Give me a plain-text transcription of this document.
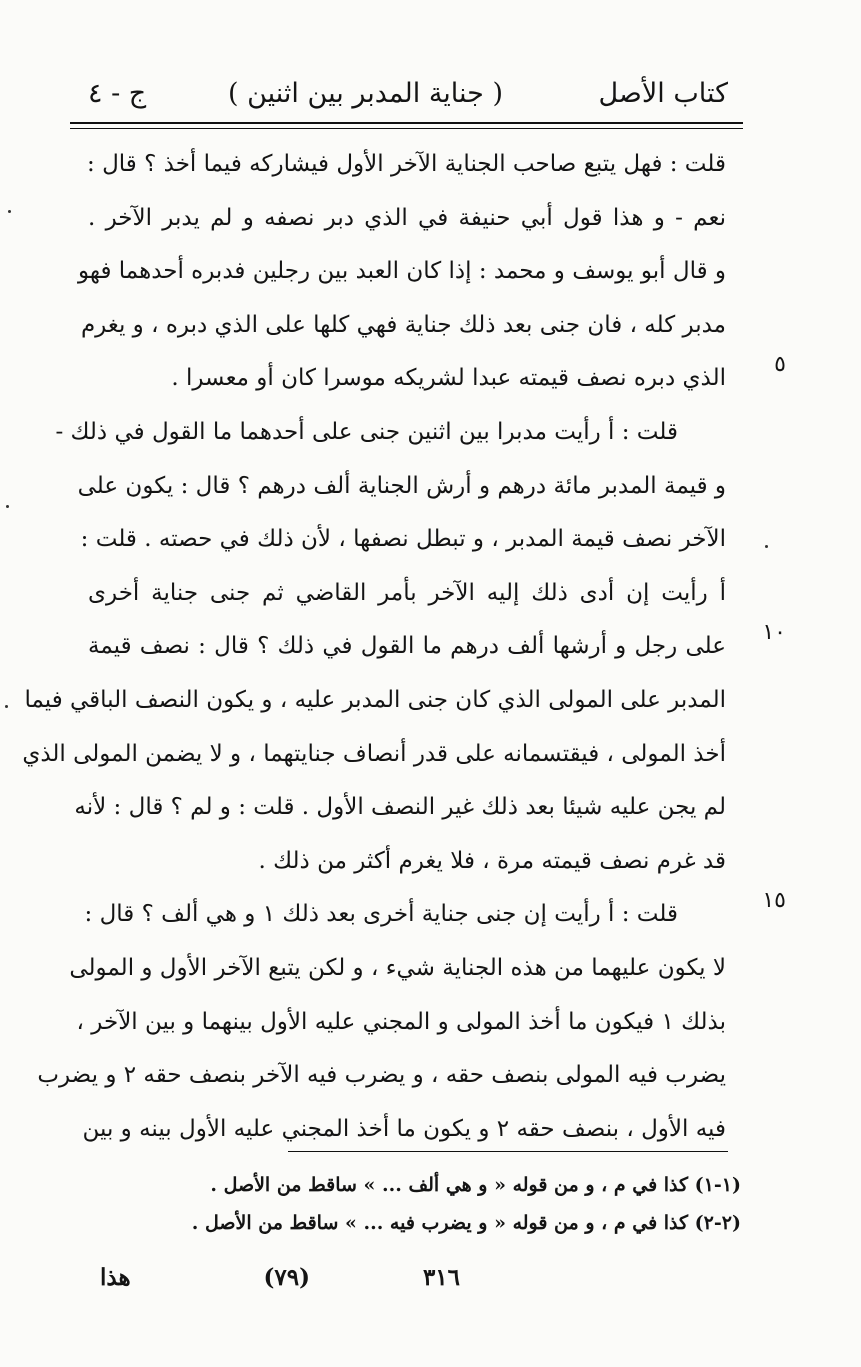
كتاب الأصل
( جناية المدبر بين اثنين )
ج - ٤
قلت : فهل يتبع صاحب الجناية الآخر الأول فيشاركه فيما أخذ ؟ قال :
نعم - و هذا قول أبي حنيفة في الذي دبر نصفه و لم يدبر الآخر .
و قال أبو يوسف و محمد : إذا كان العبد بين رجلين فدبره أحدهما فهو
مدبر كله ، فان جنى بعد ذلك جناية فهي كلها على الذي دبره ، و يغرم
الذي دبره نصف قيمته عبدا لشريكه موسرا كان أو معسرا .
قلت : أ رأيت مدبرا بين اثنين جنى على أحدهما ما القول في ذلك -
و قيمة المدبر مائة درهم و أرش الجناية ألف درهم ؟ قال : يكون على
الآخر نصف قيمة المدبر ، و تبطل نصفها ، لأن ذلك في حصته . قلت :
أ رأيت إن أدى ذلك إليه الآخر بأمر القاضي ثم جنى جناية أخرى
على رجل و أرشها ألف درهم ما القول في ذلك ؟ قال : نصف قيمة
المدبر على المولى الذي كان جنى المدبر عليه ، و يكون النصف الباقي فيما
أخذ المولى ، فيقتسمانه على قدر أنصاف جنايتهما ، و لا يضمن المولى الذي
لم يجن عليه شيئا بعد ذلك غير النصف الأول . قلت : و لم ؟ قال : لأنه
قد غرم نصف قيمته مرة ، فلا يغرم أكثر من ذلك .
قلت : أ رأيت إن جنى جناية أخرى بعد ذلك ١ و هي ألف ؟ قال :
لا يكون عليهما من هذه الجناية شيء ، و لكن يتبع الآخر الأول و المولى
بذلك ١ فيكون ما أخذ المولى و المجني عليه الأول بينهما و بين الآخر ،
يضرب فيه المولى بنصف حقه ، و يضرب فيه الآخر بنصف حقه ٢ و يضرب
فيه الأول ، بنصف حقه ٢ و يكون ما أخذ المجني عليه الأول بينه و بين
٥
١٠
١٥
(١-١) كذا في م ، و من قوله « و هي ألف ... » ساقط من الأصل .
(٢-٢) كذا في م ، و من قوله « و يضرب فيه ... » ساقط من الأصل .
٣١٦
(٧٩)
هذا
